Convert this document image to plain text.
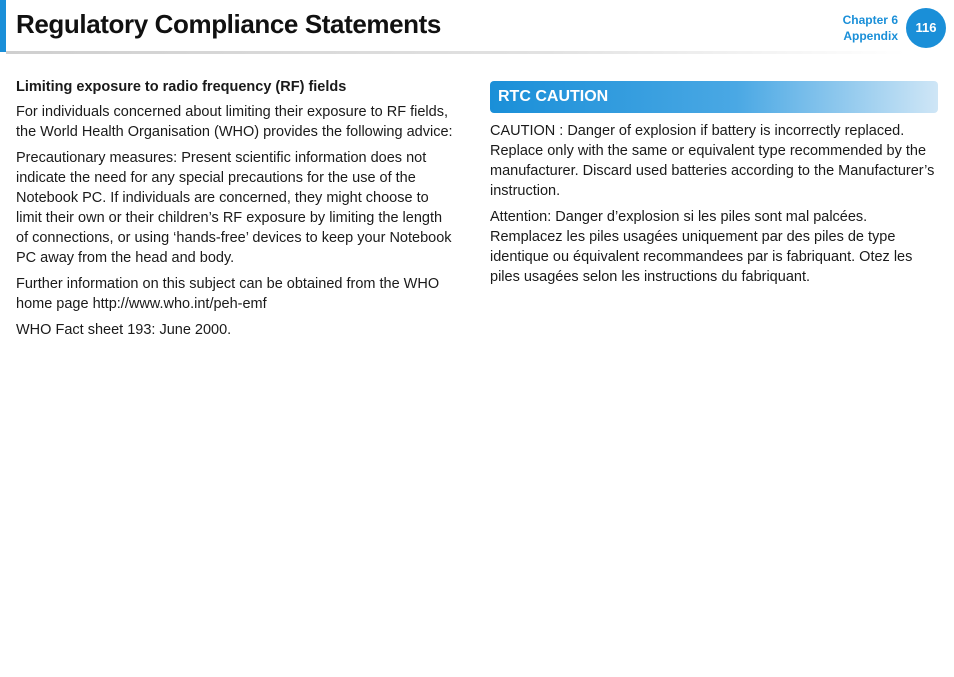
Regulatory Compliance Statements	Chapter 6
Appendix
116
Limiting exposure to radio frequency (RF) fields

For individuals concerned about limiting their exposure to RF fields, the World Health Organisation (WHO) provides the following advice:

Precautionary measures: Present scientific information does not indicate the need for any special precautions for the use of the Notebook PC. If individuals are concerned, they might choose to limit their own or their children’s RF exposure by limiting the length of connections, or using ‘hands-free’ devices to keep your Notebook PC away from the head and body.

Further information on this subject can be obtained from the WHO home page http://www.who.int/peh-emf

WHO Fact sheet 193: June 2000.

RTC CAUTION

CAUTION : Danger of explosion if battery is incorrectly replaced. Replace only with the same or equivalent type recommended by the manufacturer. Discard used batteries according to the Manufacturer’s instruction.

Attention: Danger d’explosion si les piles sont mal palcées. Remplacez les piles usagées uniquement par des piles de type identique ou équivalent recommandees par is fabriquant. Otez les piles usagées selon les instructions du fabriquant.
